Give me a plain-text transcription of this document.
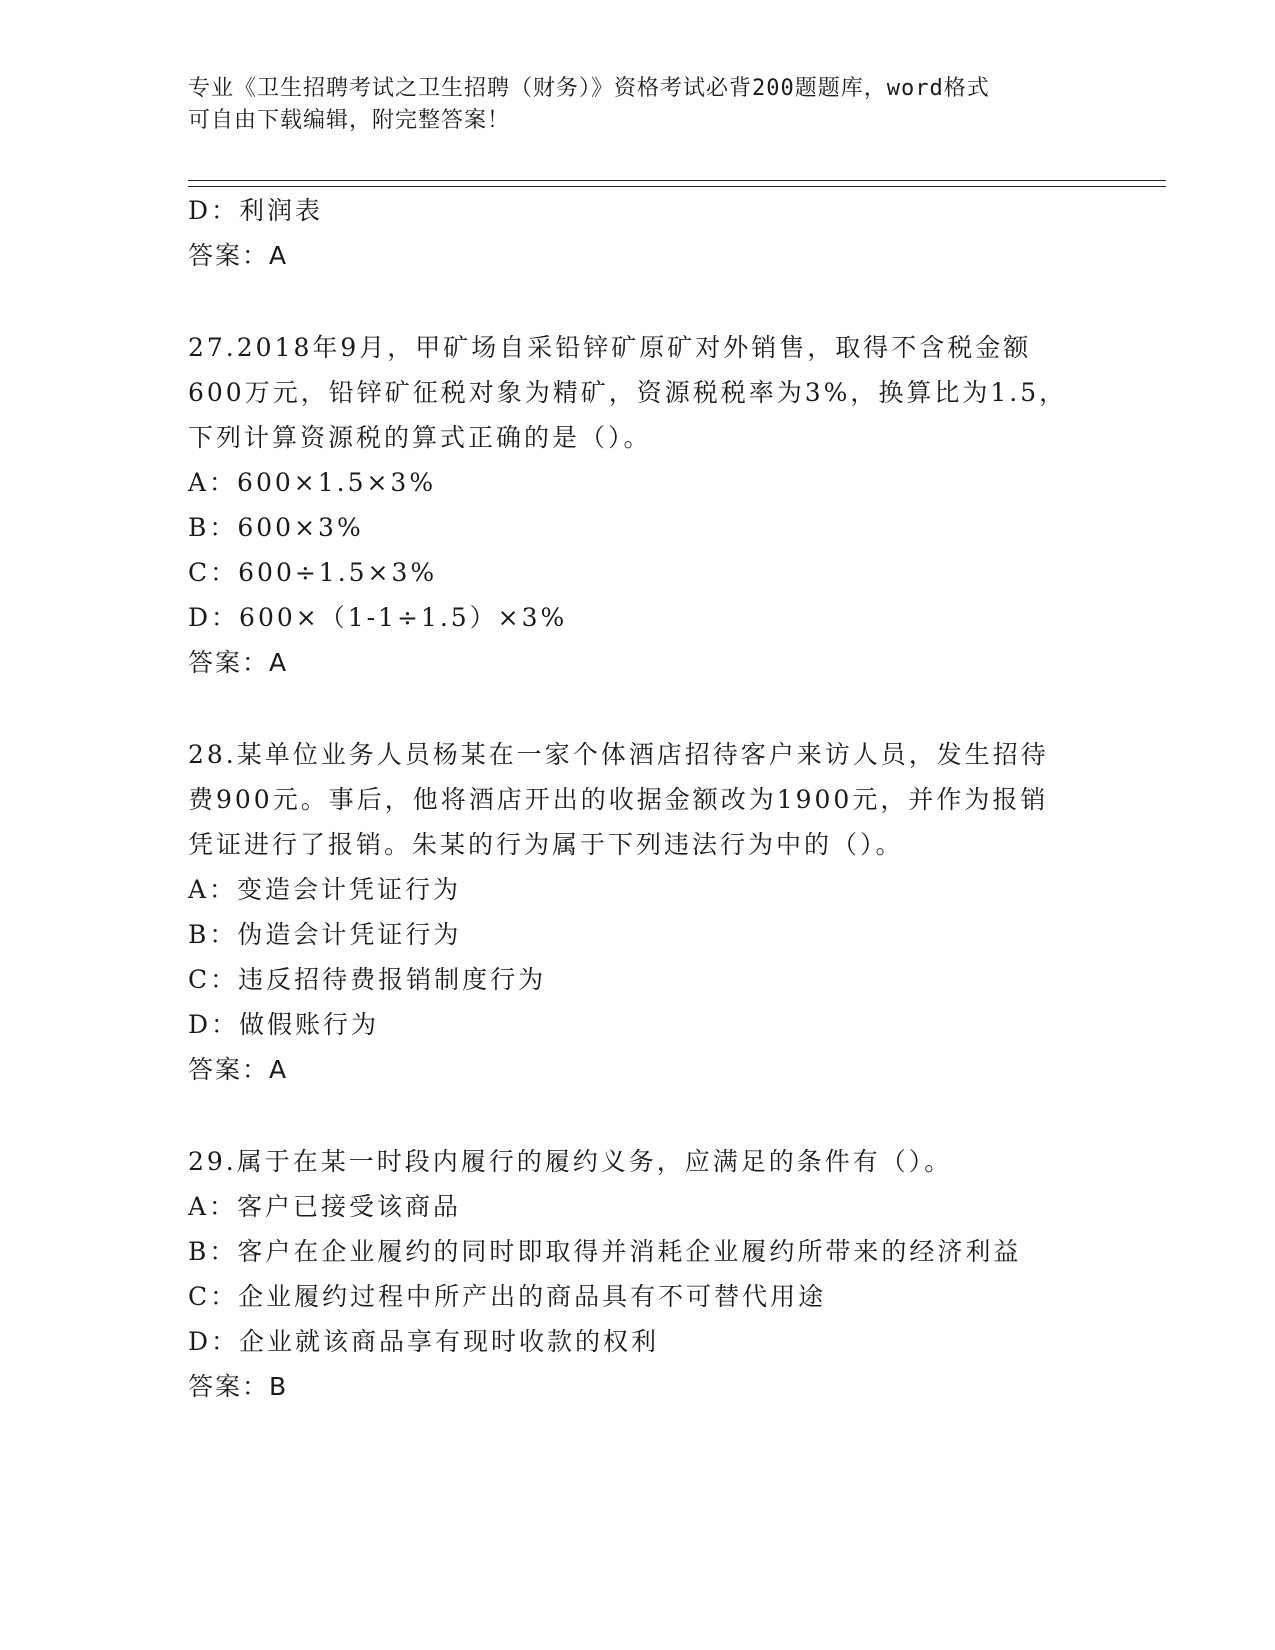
专业《卫生招聘考试之卫生招聘（财务）》资格考试必背200题题库，word格式
可自由下载编辑，附完整答案！
D：利润表
答案：A
27.2018年9月，甲矿场自采铅锌矿原矿对外销售，取得不含税金额
600万元，铅锌矿征税对象为精矿，资源税税率为3%，换算比为1.5，
下列计算资源税的算式正确的是（）。
A：600×1.5×3%
B：600×3%
C：600÷1.5×3%
D：600×（1-1÷1.5）×3%
答案：A
28.某单位业务人员杨某在一家个体酒店招待客户来访人员，发生招待
费900元。事后，他将酒店开出的收据金额改为1900元，并作为报销
凭证进行了报销。朱某的行为属于下列违法行为中的（）。
A：变造会计凭证行为
B：伪造会计凭证行为
C：违反招待费报销制度行为
D：做假账行为
答案：A
29.属于在某一时段内履行的履约义务，应满足的条件有（）。
A：客户已接受该商品
B：客户在企业履约的同时即取得并消耗企业履约所带来的经济利益
C：企业履约过程中所产出的商品具有不可替代用途
D：企业就该商品享有现时收款的权利
答案：B
